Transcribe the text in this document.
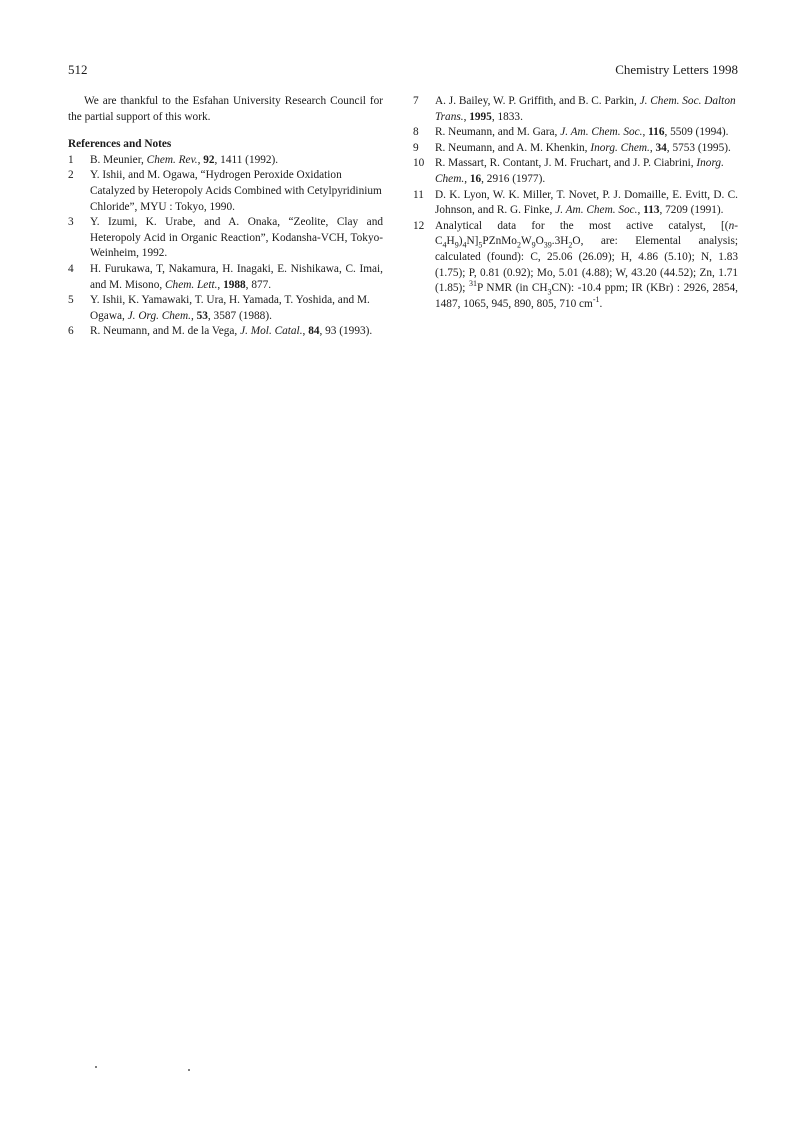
512	Chemistry Letters 1998

We are thankful to the Esfahan University Research Council for the partial support of this work.

References and Notes

1	B. Meunier, Chem. Rev., 92, 1411 (1992).
2	Y. Ishii, and M. Ogawa, “Hydrogen Peroxide Oxidation Catalyzed by Heteropoly Acids Combined with Cetylpyridinium Chloride”, MYU : Tokyo, 1990.
3	Y. Izumi, K. Urabe, and A. Onaka, “Zeolite, Clay and Heteropoly Acid in Organic Reaction”, Kodansha-VCH, Tokyo-Weinheim, 1992.
4	H. Furukawa, T, Nakamura, H. Inagaki, E. Nishikawa, C. Imai, and M. Misono, Chem. Lett., 1988, 877.
5	Y. Ishii, K. Yamawaki, T. Ura, H. Yamada, T. Yoshida, and M. Ogawa, J. Org. Chem., 53, 3587 (1988).
6	R. Neumann, and M. de la Vega, J. Mol. Catal., 84, 93 (1993).
7	A. J. Bailey, W. P. Griffith, and B. C. Parkin, J. Chem. Soc. Dalton Trans., 1995, 1833.
8	R. Neumann, and M. Gara, J. Am. Chem. Soc., 116, 5509 (1994).
9	R. Neumann, and A. M. Khenkin, Inorg. Chem., 34, 5753 (1995).
10 R. Massart, R. Contant, J. M. Fruchart, and J. P. Ciabrini, Inorg. Chem., 16, 2916 (1977).
11 D. K. Lyon, W. K. Miller, T. Novet, P. J. Domaille, E. Evitt, D. C. Johnson, and R. G. Finke, J. Am. Chem. Soc., 113, 7209 (1991).
12 Analytical data for the most active catalyst, $[(n-C_4H_9)_4N]_5PZnMo_2W_9O_{39}.3H_2O$, are: Elemental analysis; calculated (found): C, 25.06 (26.09); H, 4.86 (5.10); N, 1.83 (1.75); P, 0.81 (0.92); Mo, 5.01 (4.88); W, 43.20 (44.52); Zn, 1.71 (1.85); $^{31}$P NMR (in $CH_3CN$): -10.4 ppm; IR (KBr) : 2926, 2854, 1487, 1065, 945, 890, 805, 710 $cm^{-1}$.
